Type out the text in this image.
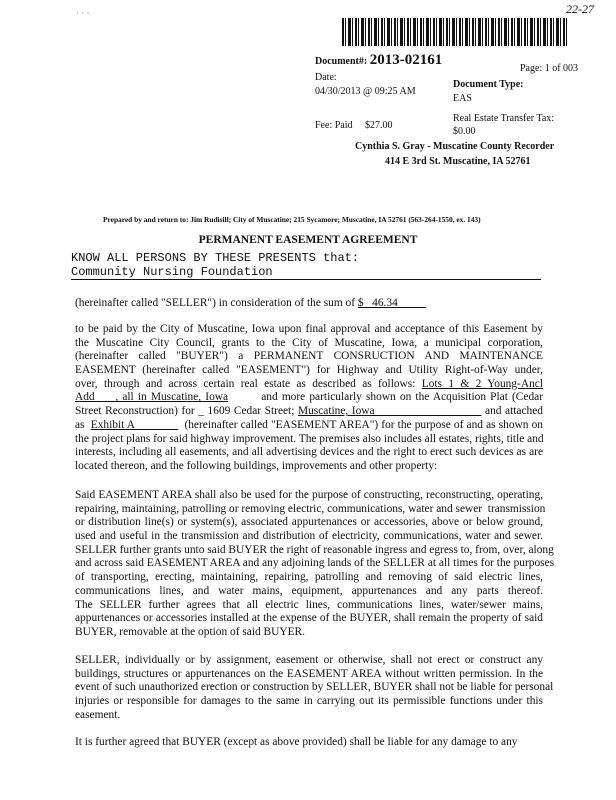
22-27
· · ·
Document#: 2013-02161
Page: 1 of 003
Date:
04/30/2013 @ 09:25 AM
Document Type:
EAS
Fee: Paid $27.00
Real Estate Transfer Tax:
$0.00
Cynthia S. Gray - Muscatine County Recorder
414 E 3rd St. Muscatine, IA 52761
Prepared by and return to: Jim Rudisill; City of Muscatine; 215 Sycamore; Muscatine, IA 52761 (563-264-1550, ex. 143)
PERMANENT EASEMENT AGREEMENT
KNOW ALL PERSONS BY THESE PRESENTS that:
Community Nursing Foundation
(hereinafter called "SELLER") in consideration of the sum of $   46.34
to be paid by the City of Muscatine, Iowa upon final approval and acceptance of this Easement by
the Muscatine City Council, grants to the City of Muscatine, Iowa, a municipal corporation,
(hereinafter called "BUYER") a PERMANENT CONSRUCTION AND MAINTENANCE
EASEMENT (hereinafter called "EASEMENT") for Highway and Utility Right-of-Way under,
over, through and across certain real estate as described as follows: Lots 1 & 2 Young-Ancl
Add     , all in Muscatine, Iowa        and more particularly shown on the Acquisition Plat (Cedar
Street Reconstruction) for _ 1609 Cedar Street; Muscatine, Iowa                               and attached
as  Exhibit A                (hereinafter called "EASEMENT AREA") for the purpose of and as shown on
the project plans for said highway improvement. The premises also includes all estates, rights, title and
interests, including all easements, and all advertising devices and the right to erect such devices as are
located thereon, and the following buildings, improvements and other property:
Said EASEMENT AREA shall also be used for the purpose of constructing, reconstructing, operating,
repairing, maintaining, patrolling or removing electric, communications, water and sewer  transmission
or distribution line(s) or system(s), associated appurtenances or accessories, above or below ground,
used and useful in the transmission and distribution of electricity, communications, water and sewer.
SELLER further grants unto said BUYER the right of reasonable ingress and egress to, from, over, along
and across said EASEMENT AREA and any adjoining lands of the SELLER at all times for the purposes
of transporting, erecting, maintaining, repairing, patrolling and removing of said electric lines,
communications lines, and water mains, equipment, appurtenances and any parts thereof.
The SELLER further agrees that all electric lines, communications lines, water/sewer mains,
appurtenances or accessories installed at the expense of the BUYER, shall remain the property of said
BUYER, removable at the option of said BUYER.
SELLER, individually or by assignment, easement or otherwise, shall not erect or construct any
buildings, structures or appurtenances on the EASEMENT AREA without written permission. In the
event of such unauthorized erection or construction by SELLER, BUYER shall not be liable for personal
injuries or responsible for damages to the same in carrying out its permissible functions under this
easement.
It is further agreed that BUYER (except as above provided) shall be liable for any damage to any
